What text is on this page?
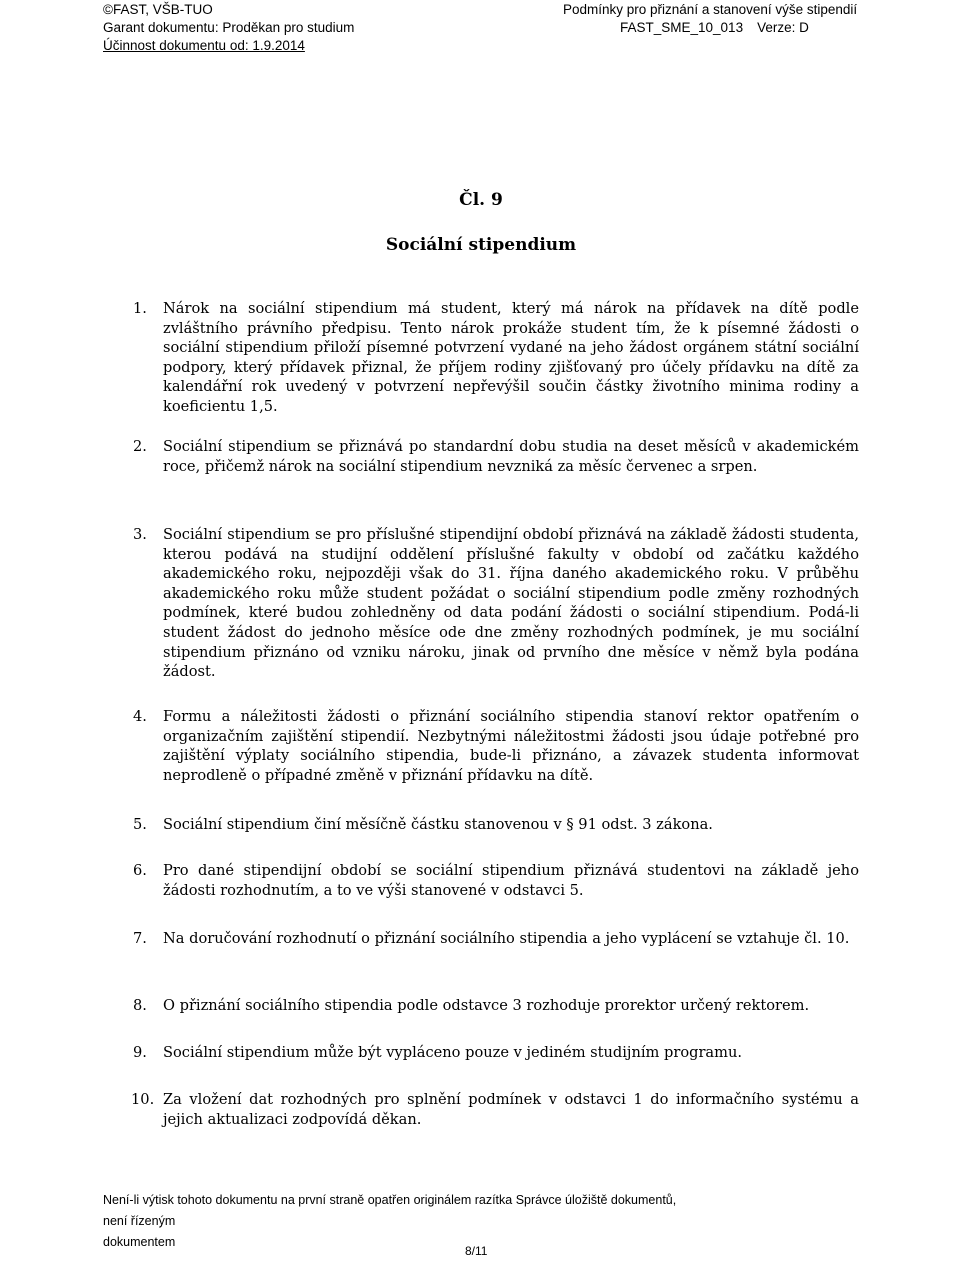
©FAST, VŠB-TUO
Garant dokumentu: Proděkan pro studium
Účinnost dokumentu od: 1.9.2014
Podmínky pro přiznání a stanovení výše stipendií
FAST_SME_10_013 Verze: D
Čl. 9
Sociální stipendium
1. Nárok na sociální stipendium má student, který má nárok na přídavek na dítě podle zvláštního právního předpisu. Tento nárok prokáže student tím, že k písemné žádosti o sociální stipendium přiloží písemné potvrzení vydané na jeho žádost orgánem státní sociální podpory, který přídavek přiznal, že příjem rodiny zjišťovaný pro účely přídavku na dítě za kalendářní rok uvedený v potvrzení nepřevýšil součin částky životního minima rodiny a koeficientu 1,5.
2. Sociální stipendium se přiznává po standardní dobu studia na deset měsíců v akademickém roce, přičemž nárok na sociální stipendium nevzniká za měsíc červenec a srpen.
3. Sociální stipendium se pro příslušné stipendijní období přiznává na základě žádosti studenta, kterou podává na studijní oddělení příslušné fakulty v období od začátku každého akademického roku, nejpozději však do 31. října daného akademického roku. V průběhu akademického roku může student požádat o sociální stipendium podle změny rozhodných podmínek, které budou zohledněny od data podání žádosti o sociální stipendium. Podá-li student žádost do jednoho měsíce ode dne změny rozhodných podmínek, je mu sociální stipendium přiznáno od vzniku nároku, jinak od prvního dne měsíce v němž byla podána žádost.
4. Formu a náležitosti žádosti o přiznání sociálního stipendia stanoví rektor opatřením o organizačním zajištění stipendií. Nezbytnými náležitostmi žádosti jsou údaje potřebné pro zajištění výplaty sociálního stipendia, bude-li přiznáno, a závazek studenta informovat neprodleně o případné změně v přiznání přídavku na dítě.
5. Sociální stipendium činí měsíčně částku stanovenou v § 91 odst. 3 zákona.
6. Pro dané stipendijní období se sociální stipendium přiznává studentovi na základě jeho žádosti rozhodnutím, a to ve výši stanovené v odstavci 5.
7. Na doručování rozhodnutí o přiznání sociálního stipendia a jeho vyplácení se vztahuje čl. 10.
8. O přiznání sociálního stipendia podle odstavce 3 rozhoduje prorektor určený rektorem.
9. Sociální stipendium může být vypláceno pouze v jediném studijním programu.
10. Za vložení dat rozhodných pro splnění podmínek v odstavci 1 do informačního systému a jejich aktualizaci zodpovídá děkan.
Není-li výtisk tohoto dokumentu na první straně opatřen originálem razítka Správce úložiště dokumentů,
není řízeným
dokumentem
8/11
